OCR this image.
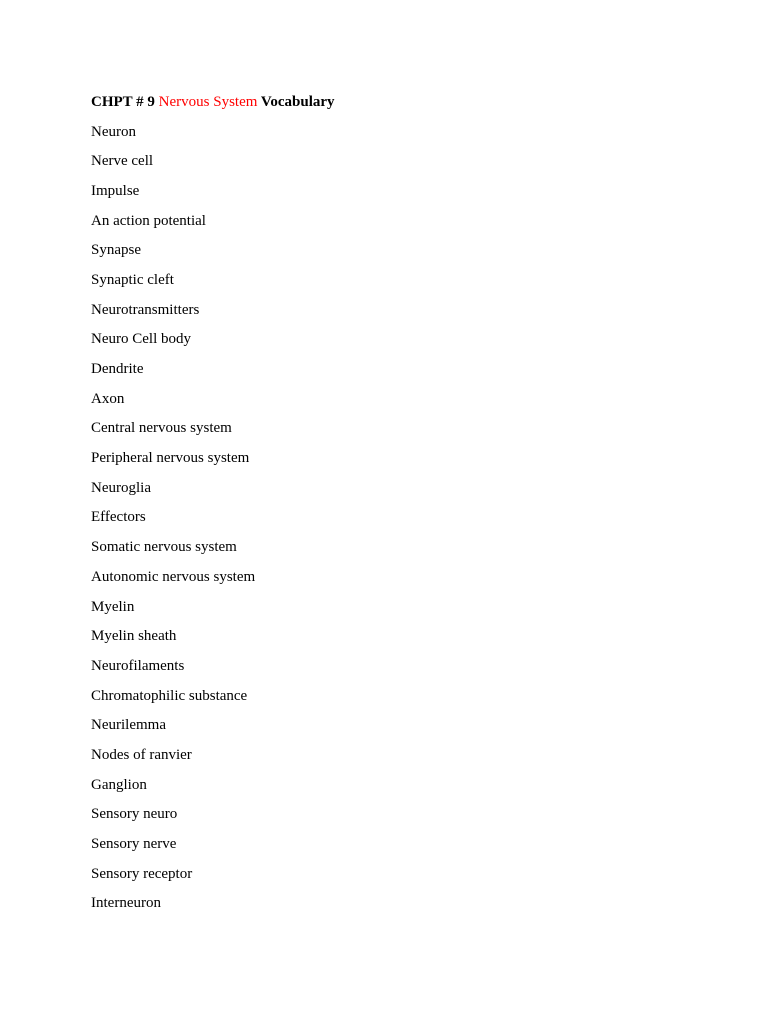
CHPT # 9 Nervous System Vocabulary
Neuron
Nerve cell
Impulse
An action potential
Synapse
Synaptic cleft
Neurotransmitters
Neuro Cell body
Dendrite
Axon
Central nervous system
Peripheral nervous system
Neuroglia
Effectors
Somatic nervous system
Autonomic nervous system
Myelin
Myelin sheath
Neurofilaments
Chromatophilic substance
Neurilemma
Nodes of ranvier
Ganglion
Sensory neuro
Sensory nerve
Sensory receptor
Interneuron
